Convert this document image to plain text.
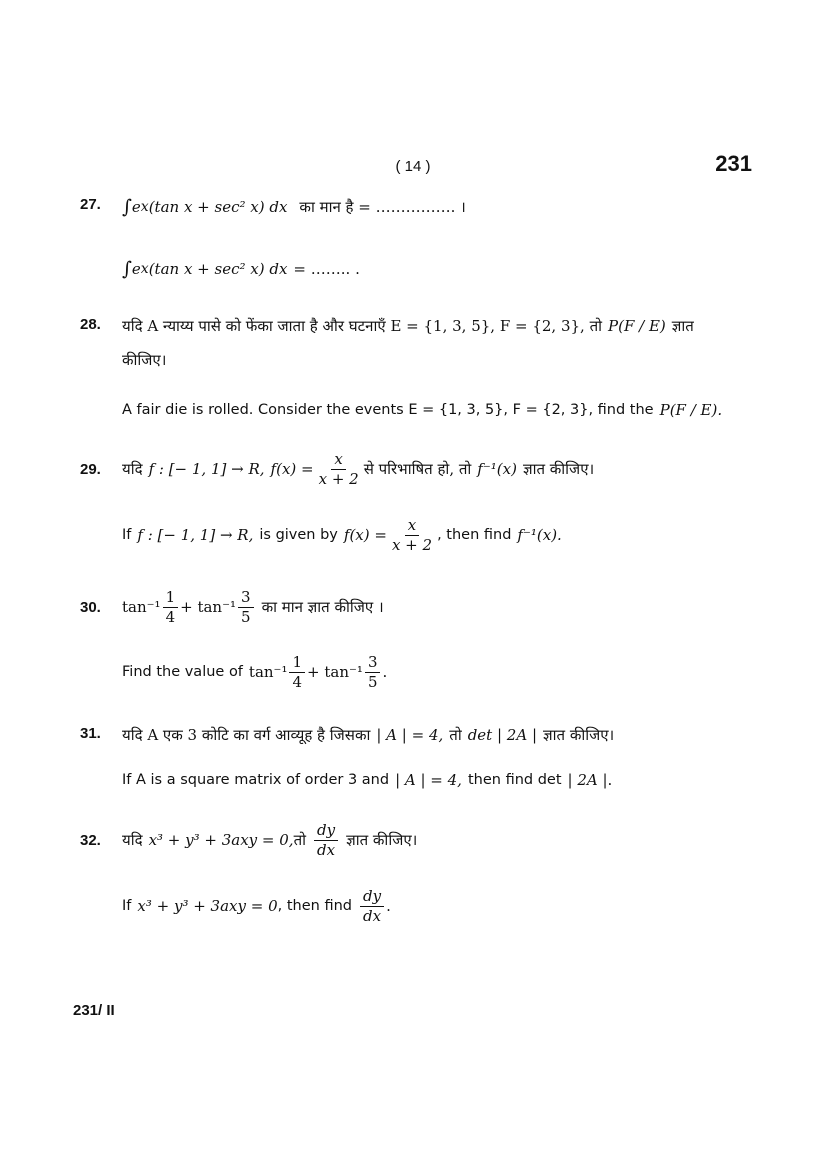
( 14 )	231
27. ∫ e x (tan x + sec² x) dx का मान है = ……………. ।
∫ e x (tan x + sec² x) dx = …….. .
28. यदि A न्याय्य पासे को फेंका जाता है और घटनाएँ E = {1, 3, 5}, F = {2, 3}, तो P(F / E) ज्ञात
कीजिए।
A fair die is rolled. Consider the events E = {1, 3, 5}, F = {2, 3}, find the P(F / E).
29. यदि f : [− 1, 1] → R, $f(x) = \frac{x}{x + 2}$ से परिभाषित हो, तो f⁻¹(x) ज्ञात कीजिए।
If f : [− 1, 1] → R, is given by $f(x) = \frac{x}{x + 2}$ , then find f⁻¹(x).
30. $\tan^{-1} \frac{1}{4} + \tan^{-1} \frac{3}{5}$ का मान ज्ञात कीजिए ।
Find the value of $\tan^{-1} \frac{1}{4} + \tan^{-1} \frac{3}{5}$ .
31. यदि A एक 3 कोटि का वर्ग आव्यूह है जिसका | A | = 4, तो det | 2A | ज्ञात कीजिए।
If A is a square matrix of order 3 and | A | = 4, then find det | 2A | .
32. यदि x³ + y³ + 3axy = 0, तो $\frac{dy}{dx}$ ज्ञात कीजिए।
If x³ + y³ + 3axy = 0 , then find $\frac{dy}{dx}$ .
231/ II
